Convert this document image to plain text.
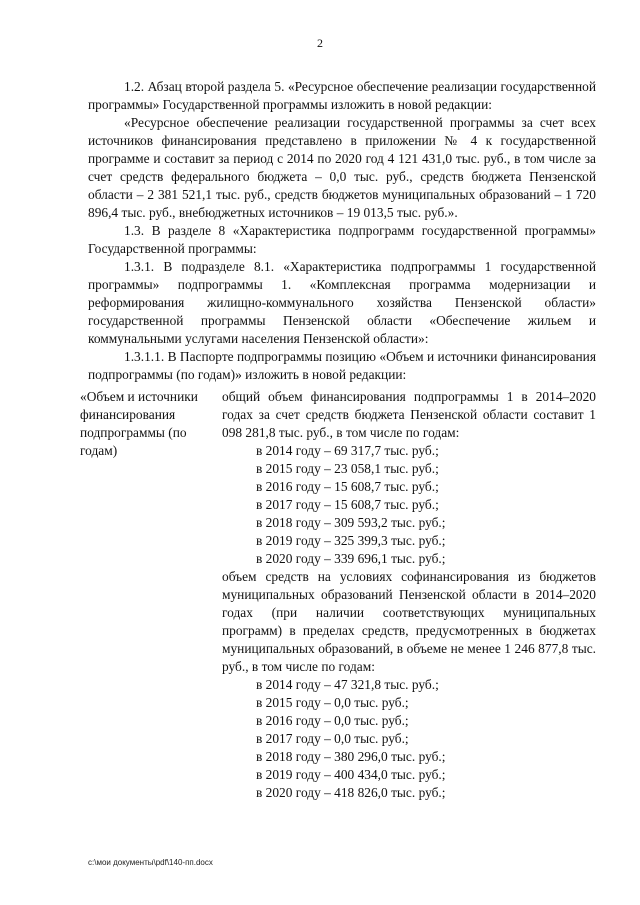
2

1.2. Абзац второй раздела 5. «Ресурсное обеспечение реализации государственной программы» Государственной программы изложить в новой редакции:

«Ресурсное обеспечение реализации государственной программы за счет всех источников финансирования представлено в приложении № 4 к государственной программе и составит за период с 2014 по 2020 год 4 121 431,0 тыс. руб., в том числе за счет средств федерального бюджета – 0,0 тыс. руб., средств бюджета Пензенской области – 2 381 521,1 тыс. руб., средств бюджетов муниципальных образований – 1 720 896,4 тыс. руб., внебюджетных источников – 19 013,5 тыс. руб.».

1.3. В разделе 8 «Характеристика подпрограмм государственной программы» Государственной программы:

1.3.1. В подразделе 8.1. «Характеристика подпрограммы 1 государственной программы» подпрограммы 1. «Комплексная программа модернизации и реформирования жилищно-коммунального хозяйства Пензенской области» государственной программы Пензенской области «Обеспечение жильем и коммунальными услугами населения Пензенской области»:

1.3.1.1. В Паспорте подпрограммы позицию «Объем и источники финансирования подпрограммы (по годам)» изложить в новой редакции:

«Объем и источники финансирования подпрограммы (по годам)	
общий объем финансирования подпрограммы 1 в 2014–2020 годах за счет средств бюджета Пензенской области составит 1 098 281,8 тыс. руб., в том числе по годам:
в 2014 году – 69 317,7 тыс. руб.;
в 2015 году – 23 058,1 тыс. руб.;
в 2016 году – 15 608,7 тыс. руб.;
в 2017 году – 15 608,7 тыс. руб.;
в 2018 году – 309 593,2 тыс. руб.;
в 2019 году – 325 399,3 тыс. руб.;
в 2020 году – 339 696,1 тыс. руб.;
объем средств на условиях софинансирования из бюджетов муниципальных образований Пензенской области в 2014–2020 годах (при наличии соответствующих муниципальных программ) в пределах средств, предусмотренных в бюджетах муниципальных образований, в объеме не менее 1 246 877,8 тыс. руб., в том числе по годам:
в 2014 году – 47 321,8 тыс. руб.;
в 2015 году – 0,0 тыс. руб.;
в 2016 году – 0,0 тыс. руб.;
в 2017 году – 0,0 тыс. руб.;
в 2018 году – 380 296,0 тыс. руб.;
в 2019 году – 400 434,0 тыс. руб.;
в 2020 году – 418 826,0 тыс. руб.;
c:\мои документы\pdf\140-пп.docx
